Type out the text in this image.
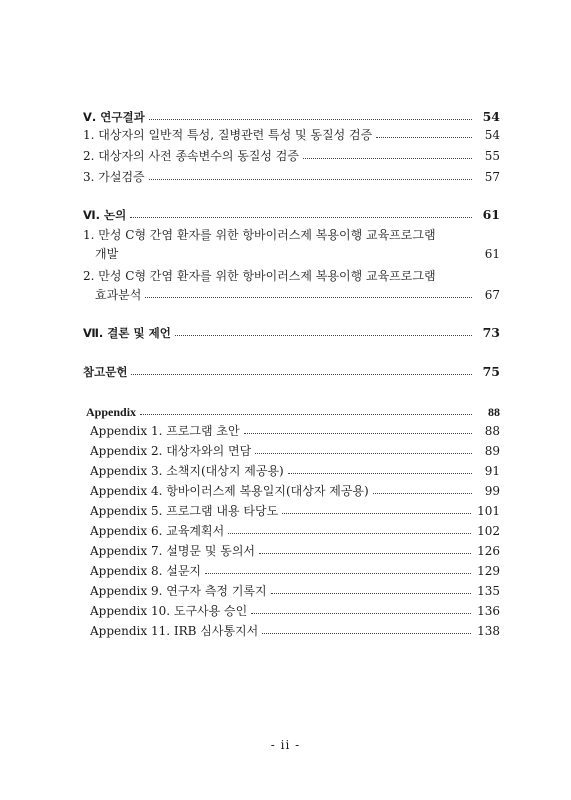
Ⅴ. 연구결과	54
1. 대상자의 일반적 특성, 질병관련 특성 및 동질성 검증	54
2. 대상자의 사전 종속변수의 동질성 검증	55
3. 가설검증	57
Ⅵ. 논의	61
1. 만성 C형 간염 환자를 위한 항바이러스제 복용이행 교육프로그램
개발	61
2. 만성 C형 간염 환자를 위한 항바이러스제 복용이행 교육프로그램
효과분석	67
Ⅶ. 결론 및 제언	73
참고문헌	75
Appendix	88
Appendix 1. 프로그램 초안	88
Appendix 2. 대상자와의 면담	89
Appendix 3. 소책지(대상지 제공용)	91
Appendix 4. 항바이러스제 복용일지(대상자 제공용)	99
Appendix 5. 프로그램 내용 타당도	101
Appendix 6. 교육계획서	102
Appendix 7. 설명문 및 동의서	126
Appendix 8. 설문지	129
Appendix 9. 연구자 측정 기록지	135
Appendix 10. 도구사용 승인	136
Appendix 11. IRB 심사통지서	138
- ii -
